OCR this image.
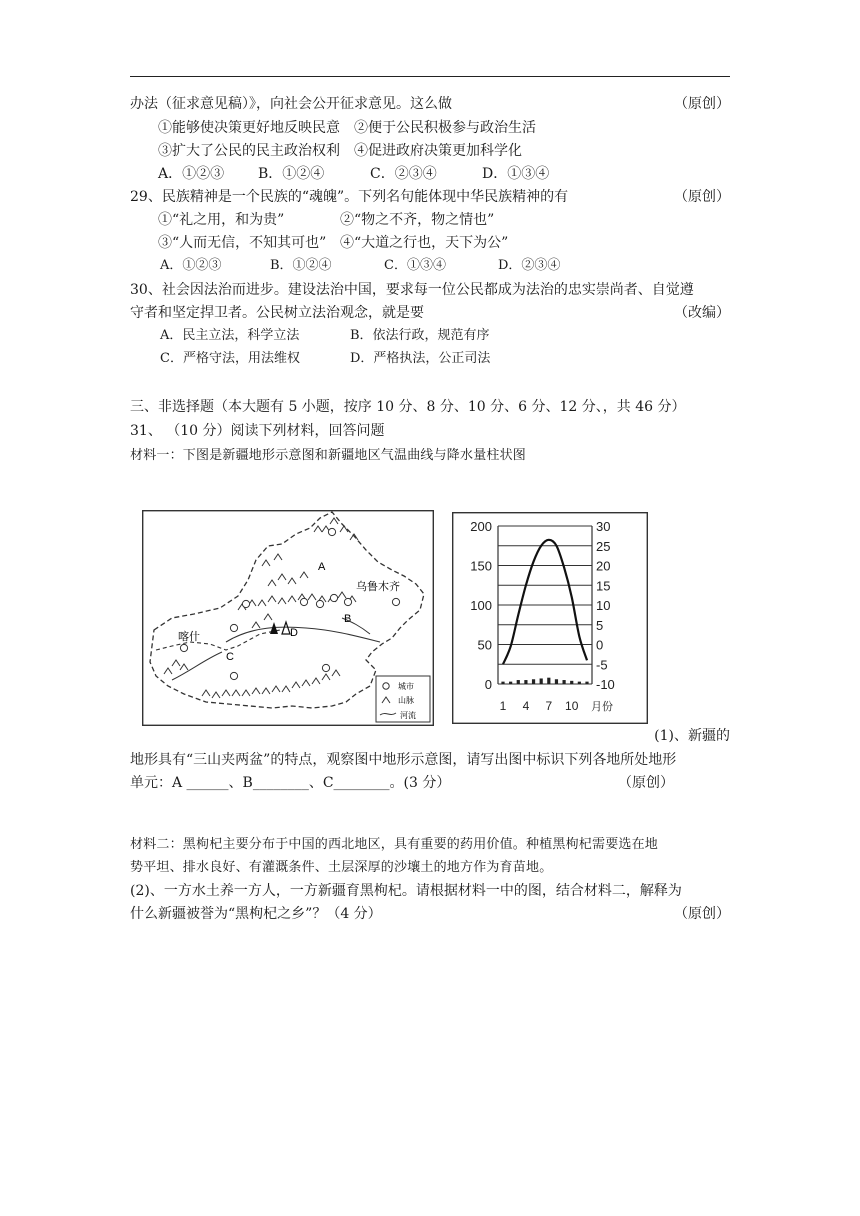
办法（征求意见稿）》，向社会公开征求意见。这么做	（原创）
①能够使决策更好地反映民意 ②便于公民积极参与政治生活
③扩大了公民的民主政治权利 ④促进政府决策更加科学化
A．①②③ B．①②④	C．②③④	D．①③④
29、民族精神是一个民族的“魂魄”。下列名句能体现中华民族精神的有	（原创）
①“礼之用，和为贵”	②“物之不齐，物之情也”
③“人而无信，不知其可也” ④“大道之行也，天下为公”
A．①②③	B．①②④	C．①③④	D．②③④
30、社会因法治而进步。建设法治中国，要求每一位公民都成为法治的忠实崇尚者、自觉遵
守者和坚定捍卫者。公民树立法治观念，就是要	（改编）
A．民主立法，科学立法	B．依法行政，规范有序
C．严格守法，用法维权	D．严格执法，公正司法
三、非选择题（本大题有 5 小题，按序 10 分、8 分、10 分、6 分、12 分、，共 46 分）
31、 （10 分）阅读下列材料，回答问题
材料一：下图是新疆地形示意图和新疆地区气温曲线与降水量柱状图
A
B
C
D
乌鲁木齐
喀什
城市
山脉
河流
0
50
100
150
200
-10
-5
0
5
10
15
20
25
30
1 4 7 10 月份
(1)、新疆的
地形具有“三山夹两盆”的特点，观察图中地形示意图，请写出图中标识下列各地所处地形
单元：A ______、B________、C________。(3 分）	（原创）
材料二：黑枸杞主要分布于中国的西北地区，具有重要的药用价值。种植黑枸杞需要选在地
势平坦、排水良好、有灌溉条件、土层深厚的沙壤土的地方作为育苗地。
(2)、一方水土养一方人，一方新疆育黑枸杞。请根据材料一中的图，结合材料二，解释为
什么新疆被誉为“黑枸杞之乡”？（4 分）	（原创）
